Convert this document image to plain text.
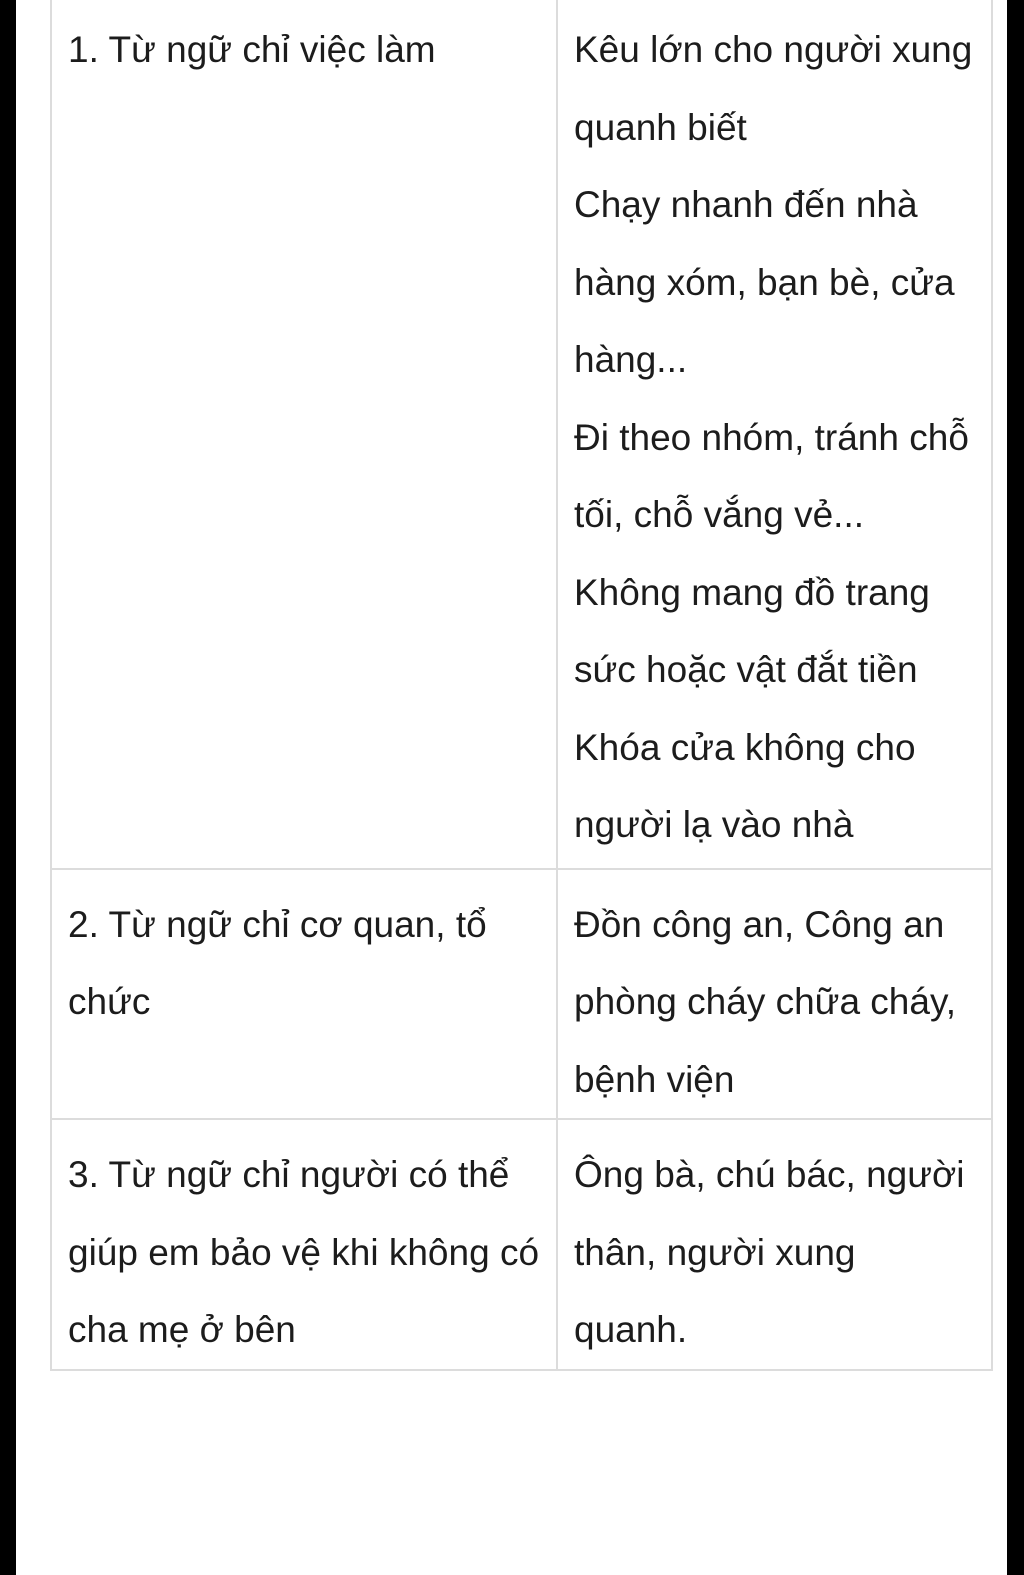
1. Từ ngữ chỉ việc làm	Kêu lớn cho người xung quanh biết
Chạy nhanh đến nhà hàng xóm, bạn bè, cửa hàng...
Đi theo nhóm, tránh chỗ tối, chỗ vắng vẻ...
Không mang đồ trang sức hoặc vật đắt tiền
Khóa cửa không cho người lạ vào nhà

2. Từ ngữ chỉ cơ quan, tổ chức	Đồn công an, Công an phòng cháy chữa cháy, bệnh viện

3. Từ ngữ chỉ người có thể giúp em bảo vệ khi không có cha mẹ ở bên	Ông bà, chú bác, người thân, người xung quanh.
